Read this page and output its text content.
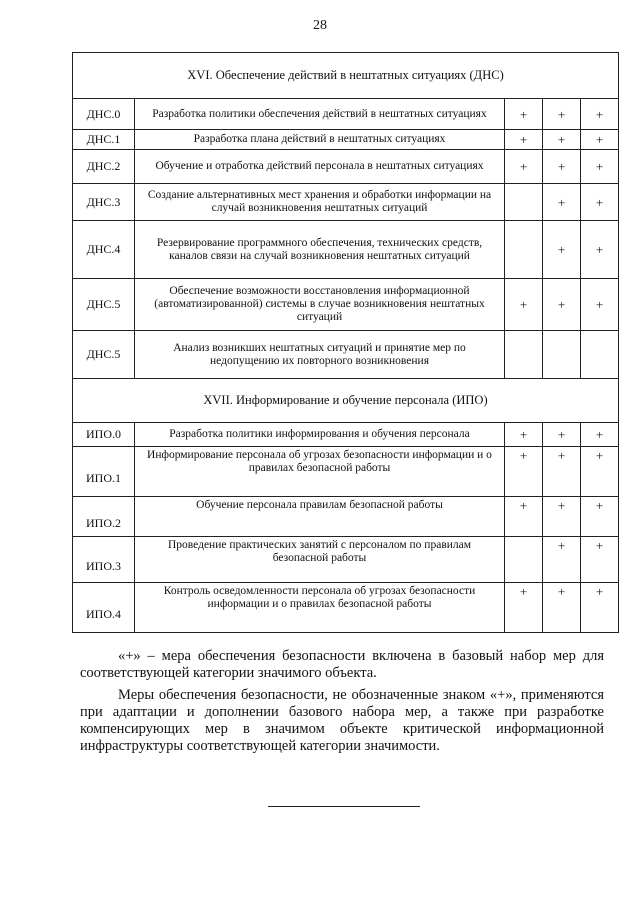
28
XVI. Обеспечение действий в нештатных ситуациях (ДНС)				
ДНС.0	Разработка политики обеспечения действий в нештатных ситуациях	+	+	+
ДНС.1	Разработка плана действий в нештатных ситуациях	+	+	+
ДНС.2	Обучение и отработка действий персонала в нештатных ситуациях	+	+	+
ДНС.3	Создание альтернативных мест хранения и обработки информации на случай возникновения нештатных ситуаций		+	+
ДНС.4	Резервирование программного обеспечения, технических средств, каналов связи на случай возникновения нештатных ситуаций		+	+
ДНС.5	Обеспечение возможности восстановления информационной (автоматизированной) системы в случае возникновения нештатных ситуаций	+	+	+
ДНС.5	Анализ возникших нештатных ситуаций и принятие мер по недопущению их повторного возникновения			
XVII. Информирование и обучение персонала (ИПО)				
ИПО.0	Разработка политики информирования и обучения персонала	+	+	+
ИПО.1	Информирование персонала об угрозах безопасности информации и о правилах безопасной работы	+	+	+
ИПО.2	Обучение персонала правилам безопасной работы	+	+	+
ИПО.3	Проведение практических занятий с персоналом по правилам безопасной работы		+	+
ИПО.4	Контроль осведомленности персонала об угрозах безопасности информации и о правилах безопасной работы	+	+	+

«+» – мера обеспечения безопасности включена в базовый набор мер для соответствующей категории значимого объекта.

Меры обеспечения безопасности, не обозначенные знаком «+», применяются при адаптации и дополнении базового набора мер, а также при разработке компенсирующих мер в значимом объекте критической информационной инфраструктуры соответствующей категории значимости.
